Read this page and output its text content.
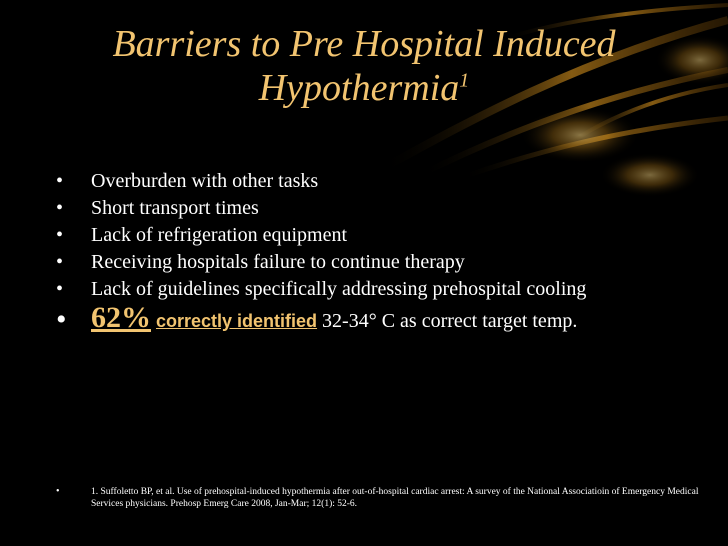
Barriers to Pre Hospital Induced
Hypothermia$^1$
• Overburden with other tasks
• Short transport times
• Lack of refrigeration equipment
• Receiving hospitals failure to continue therapy
• Lack of guidelines specifically addressing prehospital cooling
• 62% correctly identified 32-34° C as correct target temp.
•	1. Suffoletto BP, et al. Use of prehospital-induced hypothermia after out-of-hospital cardiac arrest: A survey of the National Associatioin of Emergency Medical Services physicians. Prehosp Emerg Care 2008, Jan-Mar; 12(1): 52-6.
